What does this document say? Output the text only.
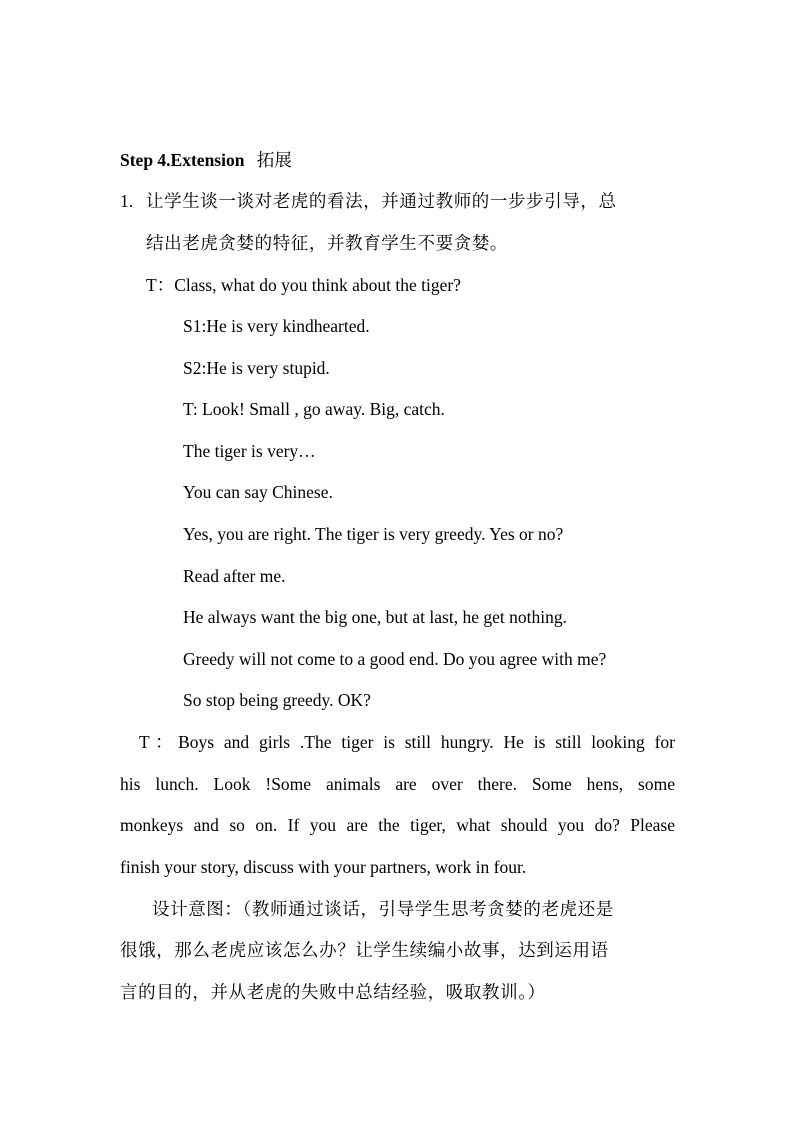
Step 4.Extension 拓展
1. 让学生谈一谈对老虎的看法，并通过教师的一步步引导，总
结出老虎贪婪的特征，并教育学生不要贪婪。
T：Class, what do you think about the tiger?
S1:He is very kindhearted.
S2:He is very stupid.
T: Look! Small , go away. Big, catch.
The tiger is very…
You can say Chinese.
Yes, you are right. The tiger is very greedy. Yes or no?
Read after me.
He always want the big one, but at last, he get nothing.
Greedy will not come to a good end. Do you agree with me?
So stop being greedy. OK?
T：Boys and girls .The tiger is still hungry. He is still looking for
his lunch. Look !Some animals are over there. Some hens, some
monkeys and so on. If you are the tiger, what should you do? Please
finish your story, discuss with your partners, work in four.
设计意图：（教师通过谈话，引导学生思考贪婪的老虎还是
很饿，那么老虎应该怎么办？让学生续编小故事，达到运用语
言的目的，并从老虎的失败中总结经验，吸取教训。）
